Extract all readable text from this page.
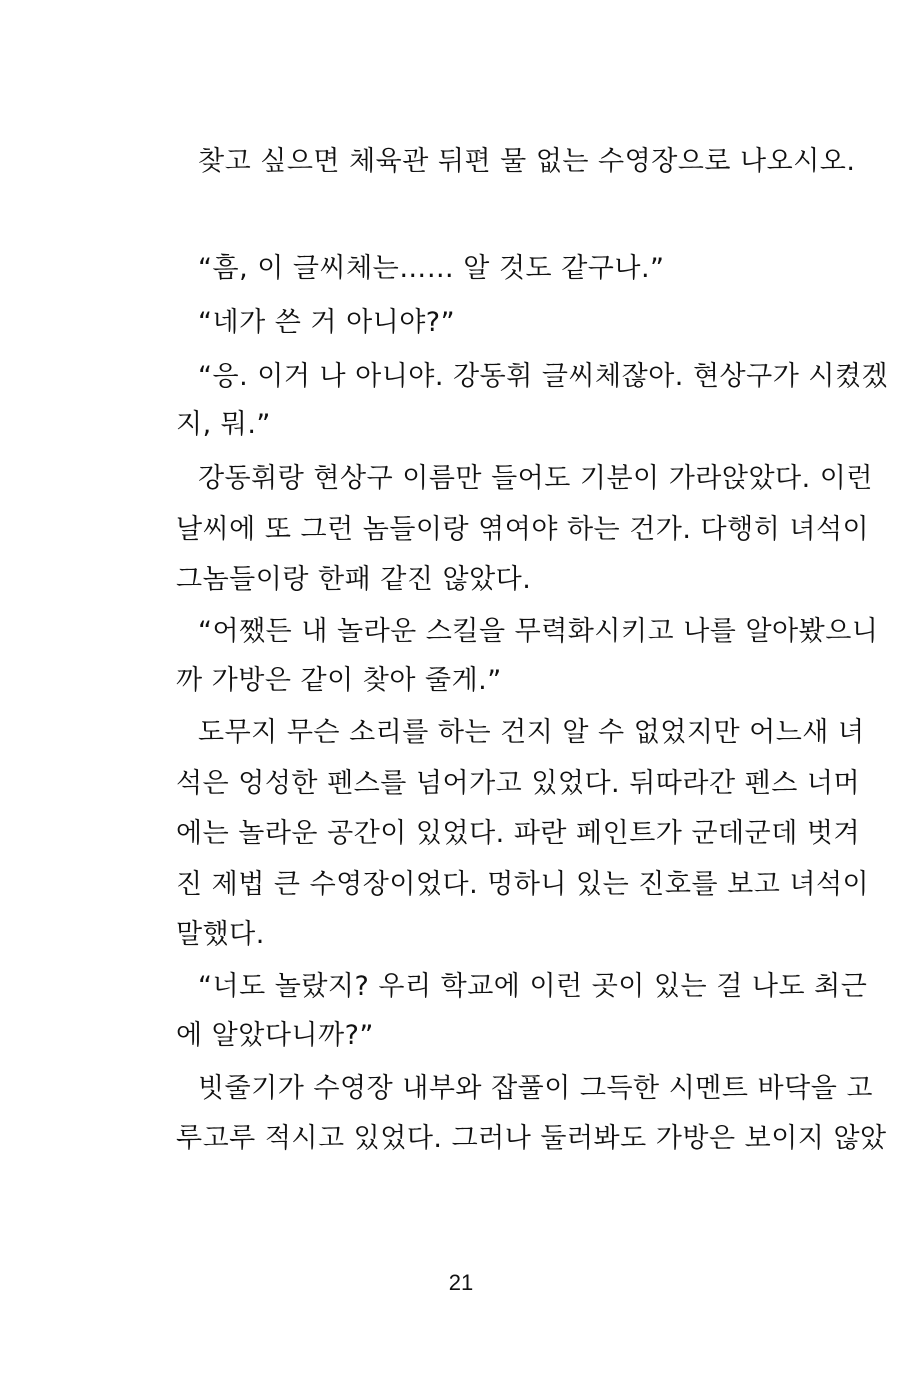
찾고 싶으면 체육관 뒤편 물 없는 수영장으로 나오시오.
“흠, 이 글씨체는…… 알 것도 같구나.”
“네가 쓴 거 아니야?”
“응. 이거 나 아니야. 강동휘 글씨체잖아. 현상구가 시켰겠
지, 뭐.”
강동휘랑 현상구 이름만 들어도 기분이 가라앉았다. 이런
날씨에 또 그런 놈들이랑 엮여야 하는 건가. 다행히 녀석이
그놈들이랑 한패 같진 않았다.
“어쨌든 내 놀라운 스킬을 무력화시키고 나를 알아봤으니
까 가방은 같이 찾아 줄게.”
도무지 무슨 소리를 하는 건지 알 수 없었지만 어느새 녀
석은 엉성한 펜스를 넘어가고 있었다. 뒤따라간 펜스 너머
에는 놀라운 공간이 있었다. 파란 페인트가 군데군데 벗겨
진 제법 큰 수영장이었다. 멍하니 있는 진호를 보고 녀석이
말했다.
“너도 놀랐지? 우리 학교에 이런 곳이 있는 걸 나도 최근
에 알았다니까?”
빗줄기가 수영장 내부와 잡풀이 그득한 시멘트 바닥을 고
루고루 적시고 있었다. 그러나 둘러봐도 가방은 보이지 않았
21
